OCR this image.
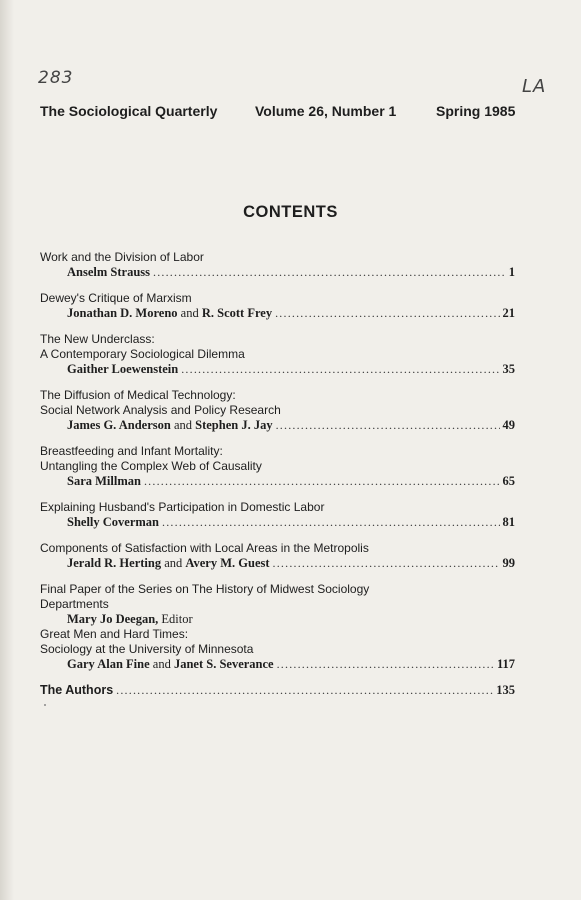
283	LA
The Sociological Quarterly	Volume 26, Number 1	Spring 1985
CONTENTS
Work and the Division of Labor
Anselm Strauss .....	1
Dewey's Critique of Marxism
Jonathan D. Moreno and R. Scott Frey .....	21
The New Underclass:
A Contemporary Sociological Dilemma
Gaither Loewenstein .....	35
The Diffusion of Medical Technology:
Social Network Analysis and Policy Research
James G. Anderson and Stephen J. Jay .....	49
Breastfeeding and Infant Mortality:
Untangling the Complex Web of Causality
Sara Millman .....	65
Explaining Husband's Participation in Domestic Labor
Shelly Coverman .....	81
Components of Satisfaction with Local Areas in the Metropolis
Jerald R. Herting and Avery M. Guest .....	99
Final Paper of the Series on The History of Midwest Sociology
Departments
Mary Jo Deegan, Editor
Great Men and Hard Times:
Sociology at the University of Minnesota
Gary Alan Fine and Janet S. Severance .....	117
The Authors .....	135
